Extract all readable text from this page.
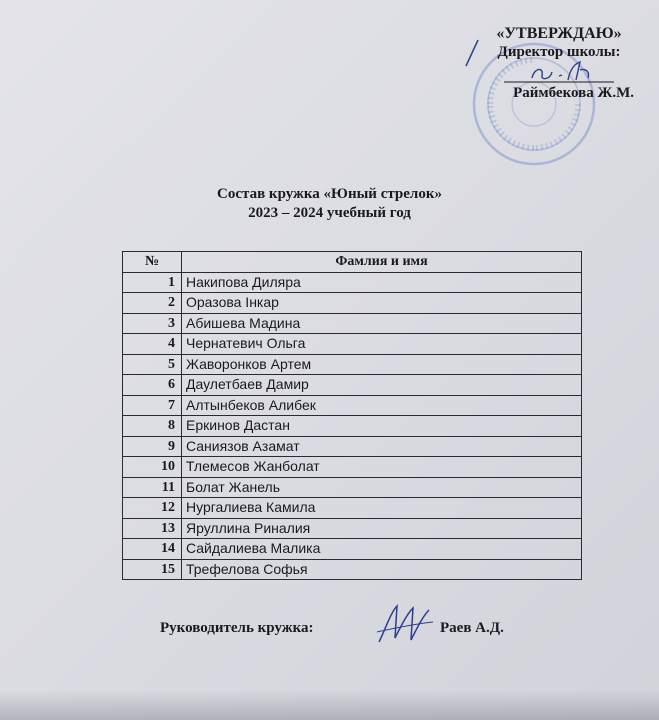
«УТВЕРЖДАЮ»
Директор школы:
Раймбекова Ж.М.
Состав кружка «Юный стрелок»
2023 – 2024 учебный год
№	Фамлия и имя
1	Накипова Диляра
2	Оразова Інкар
3	Абишева Мадина
4	Чернатевич Ольга
5	Жаворонков Артем
6	Даулетбаев Дамир
7	Алтынбеков Алибек
8	Еркинов Дастан
9	Саниязов Азамат
10	Тлемесов Жанболат
11	Болат Жанель
12	Нургалиева Камила
13	Яруллина Риналия
14	Сайдалиева Малика
15	Трефелова Софья
Руководитель кружка:	Раев А.Д.
